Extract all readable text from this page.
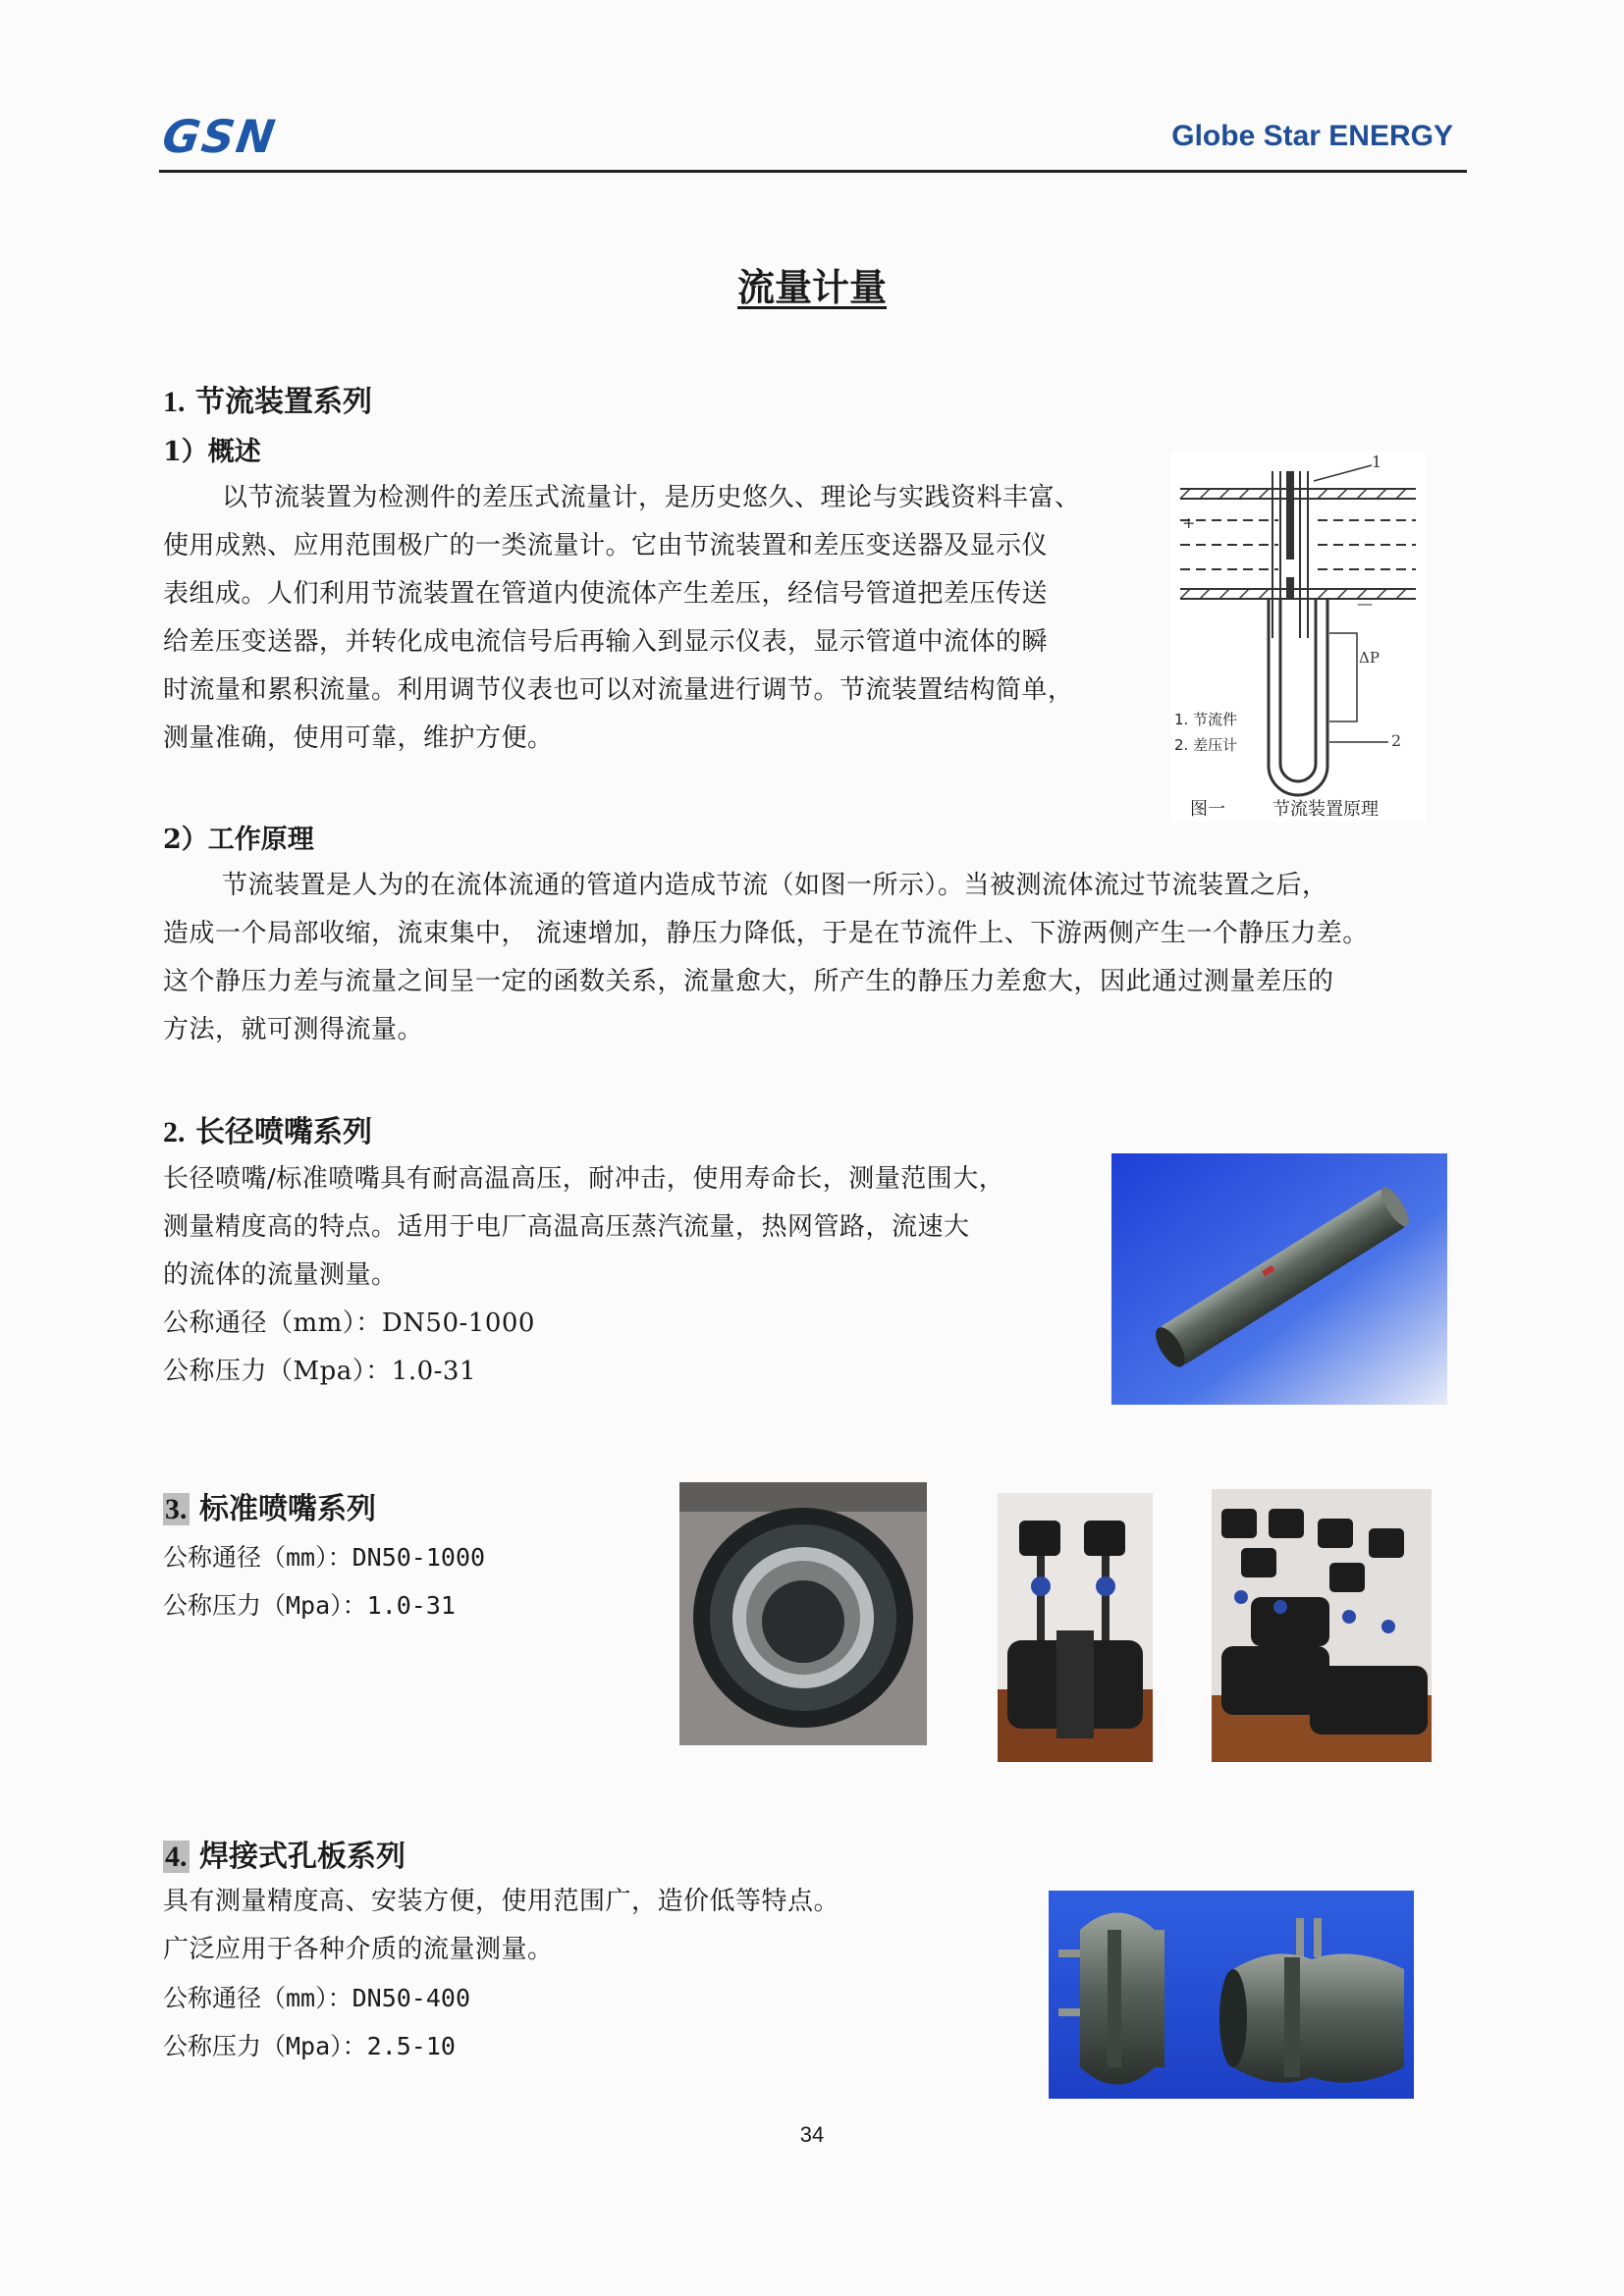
GSN	Globe Star ENERGY
流量计量
1. 节流装置系列
1）概述

以节流装置为检测件的差压式流量计，是历史悠久、理论与实践资料丰富、

使用成熟、应用范围极广的一类流量计。它由节流装置和差压变送器及显示仪

表组成。人们利用节流装置在管道内使流体产生差压，经信号管道把差压传送

给差压变送器，并转化成电流信号后再输入到显示仪表，显示管道中流体的瞬

时流量和累积流量。利用调节仪表也可以对流量进行调节。节流装置结构简单，

测量准确，使用可靠，维护方便。

+
—
ΔP
1
2
1. 节流件
2. 差压计
图一	节流装置原理
2）工作原理

节流装置是人为的在流体流通的管道内造成节流（如图一所示）。当被测流体流过节流装置之后，

造成一个局部收缩，流束集中， 流速增加，静压力降低，于是在节流件上、下游两侧产生一个静压力差。

这个静压力差与流量之间呈一定的函数关系，流量愈大，所产生的静压力差愈大，因此通过测量差压的

方法，就可测得流量。

2. 长径喷嘴系列

长径喷嘴/标准喷嘴具有耐高温高压，耐冲击，使用寿命长，测量范围大，

测量精度高的特点。适用于电厂高温高压蒸汽流量，热网管路，流速大

的流体的流量测量。

公称通径（mm）：DN50-1000

公称压力（Mpa）：1.0-31

3. 标准喷嘴系列
公称通径（mm）：DN50-1000
公称压力（Mpa）：1.0-31
4. 焊接式孔板系列

具有测量精度高、安装方便，使用范围广，造价低等特点。

广泛应用于各种介质的流量测量。

公称通径（mm）：DN50-400
公称压力（Mpa）：2.5-10
34
